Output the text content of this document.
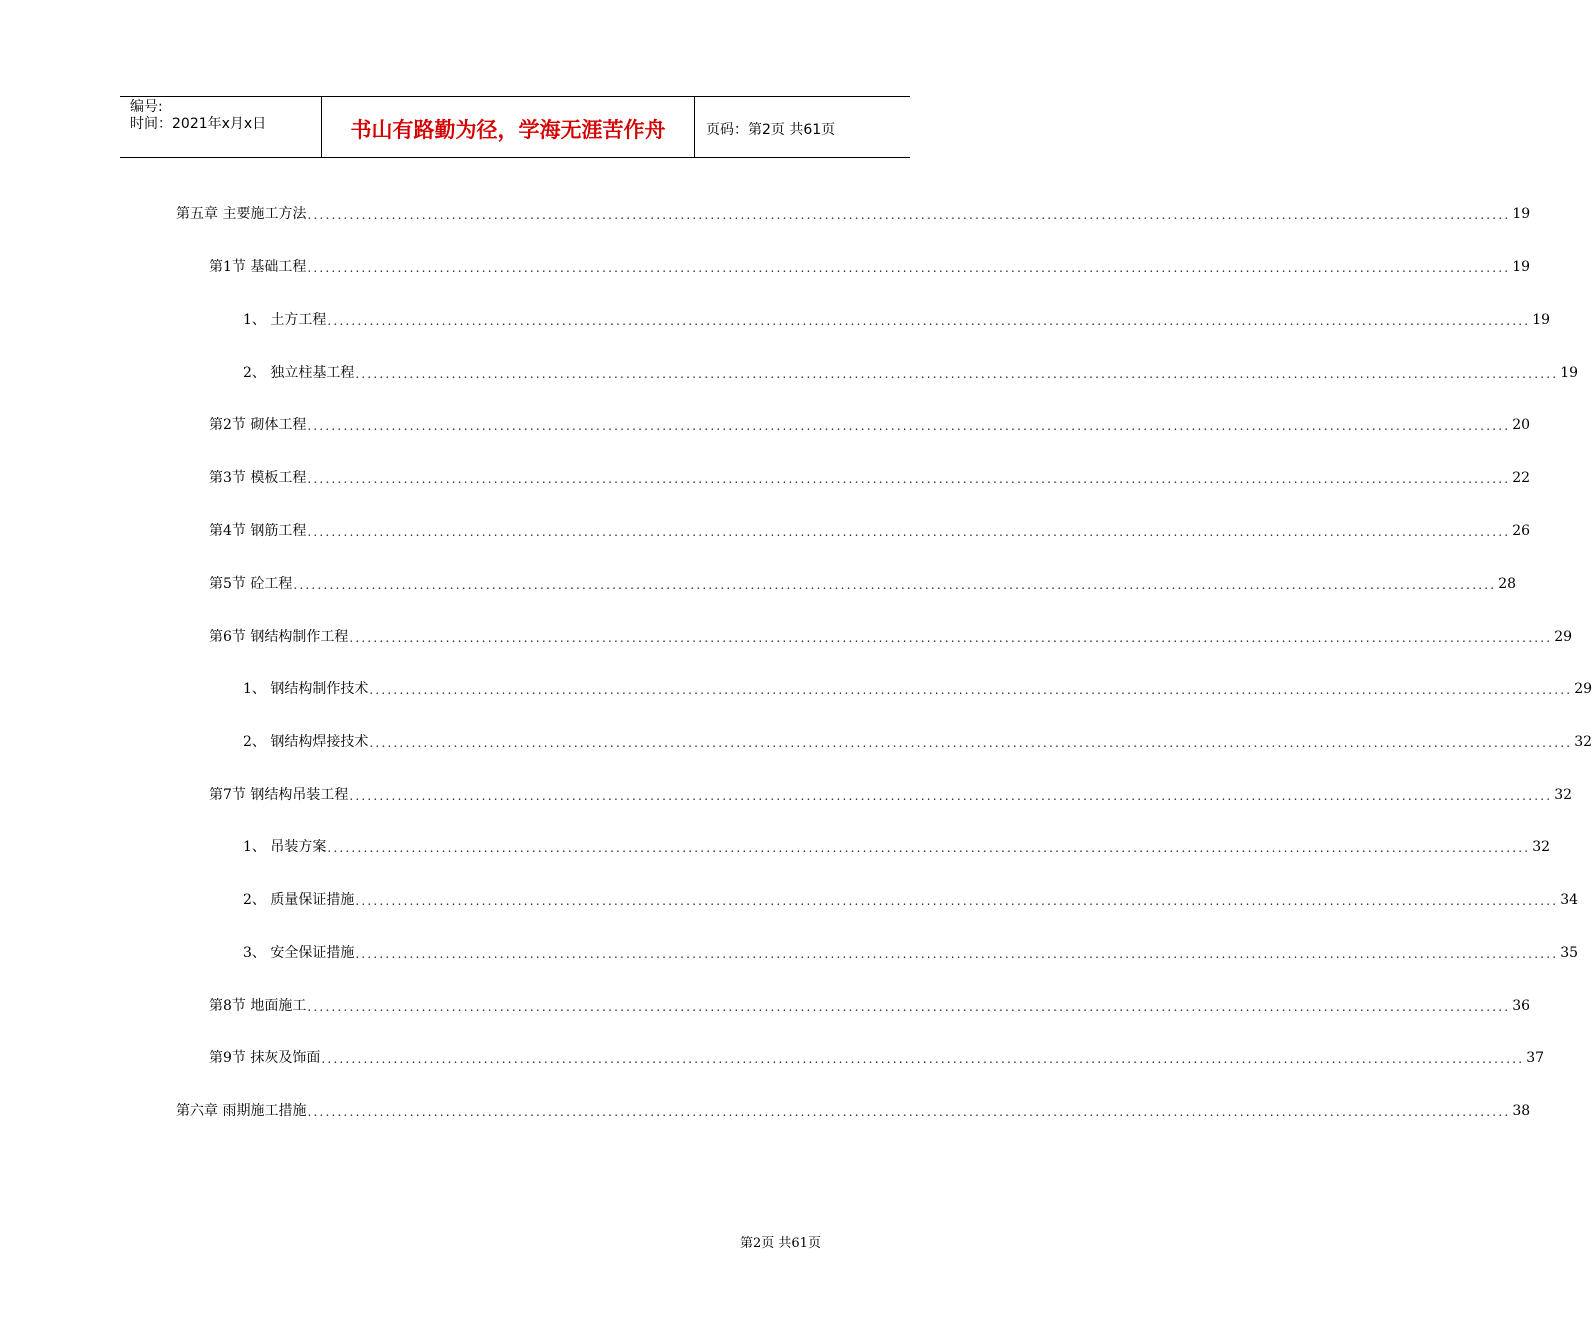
编号:
时间：2021年x月x日	书山有路勤为径，学海无涯苦作舟	页码：第2页 共61页
第五章 主要施工方法 ........................................................................................................................................................................................................ 19
第1节 基础工程 ........................................................................................................................................................................................................ 19
1、 土方工程 ........................................................................................................................................................................................................ 19
2、 独立柱基工程 ........................................................................................................................................................................................................ 19
第2节 砌体工程 ........................................................................................................................................................................................................ 20
第3节 模板工程 ........................................................................................................................................................................................................ 22
第4节 钢筋工程 ........................................................................................................................................................................................................ 26
第5节 砼工程 ........................................................................................................................................................................................................ 28
第6节 钢结构制作工程 ........................................................................................................................................................................................................ 29
1、 钢结构制作技术 ........................................................................................................................................................................................................ 29
2、 钢结构焊接技术 ........................................................................................................................................................................................................ 32
第7节 钢结构吊装工程 ........................................................................................................................................................................................................ 32
1、 吊装方案 ........................................................................................................................................................................................................ 32
2、 质量保证措施 ........................................................................................................................................................................................................ 34
3、 安全保证措施 ........................................................................................................................................................................................................ 35
第8节 地面施工 ........................................................................................................................................................................................................ 36
第9节 抹灰及饰面 ........................................................................................................................................................................................................ 37
第六章 雨期施工措施 ........................................................................................................................................................................................................ 38
第2页 共61页
